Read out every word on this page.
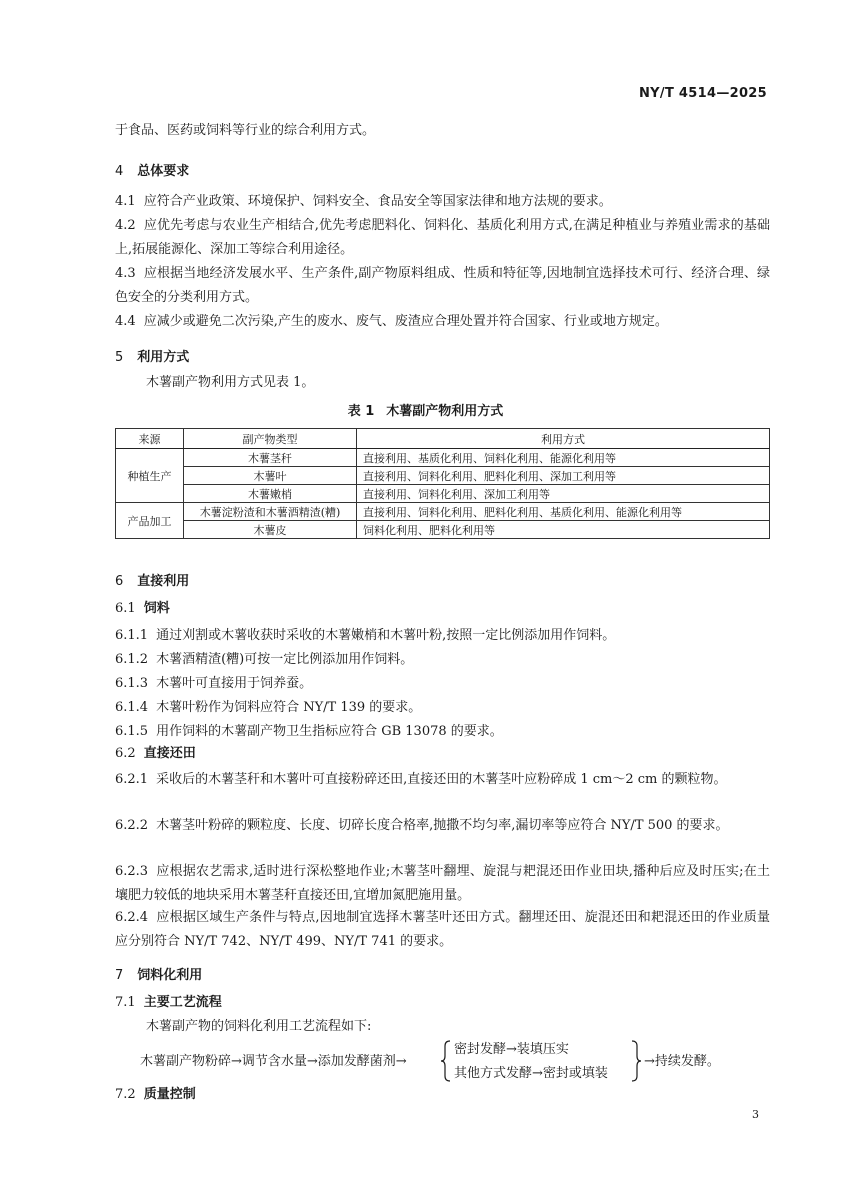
NY/T 4514—2025
于食品、医药或饲料等行业的综合利用方式。
4 总体要求
4.1 应符合产业政策、环境保护、饲料安全、食品安全等国家法律和地方法规的要求。
4.2 应优先考虑与农业生产相结合,优先考虑肥料化、饲料化、基质化利用方式,在满足种植业与养殖业需求的基础上,拓展能源化、深加工等综合利用途径。
4.3 应根据当地经济发展水平、生产条件,副产物原料组成、性质和特征等,因地制宜选择技术可行、经济合理、绿色安全的分类利用方式。
4.4 应减少或避免二次污染,产生的废水、废气、废渣应合理处置并符合国家、行业或地方规定。
5 利用方式
木薯副产物利用方式见表 1。
表 1 木薯副产物利用方式
来源	副产物类型	利用方式
种植生产	木薯茎秆	直接利用、基质化利用、饲料化利用、能源化利用等
	木薯叶	直接利用、饲料化利用、肥料化利用、深加工利用等
	木薯嫩梢	直接利用、饲料化利用、深加工利用等
产品加工	木薯淀粉渣和木薯酒精渣(糟)	直接利用、饲料化利用、肥料化利用、基质化利用、能源化利用等
	木薯皮	饲料化利用、肥料化利用等
6 直接利用
6.1 饲料
6.1.1 通过刈割或木薯收获时采收的木薯嫩梢和木薯叶粉,按照一定比例添加用作饲料。
6.1.2 木薯酒精渣(糟)可按一定比例添加用作饲料。
6.1.3 木薯叶可直接用于饲养蚕。
6.1.4 木薯叶粉作为饲料应符合 NY/T 139 的要求。
6.1.5 用作饲料的木薯副产物卫生指标应符合 GB 13078 的要求。
6.2 直接还田
6.2.1 采收后的木薯茎秆和木薯叶可直接粉碎还田,直接还田的木薯茎叶应粉碎成 1 cm～2 cm 的颗粒物。
6.2.2 木薯茎叶粉碎的颗粒度、长度、切碎长度合格率,抛撒不均匀率,漏切率等应符合 NY/T 500 的要求。
6.2.3 应根据农艺需求,适时进行深松整地作业;木薯茎叶翻埋、旋混与耙混还田作业田块,播种后应及时压实;在土壤肥力较低的地块采用木薯茎秆直接还田,宜增加氮肥施用量。
6.2.4 应根据区域生产条件与特点,因地制宜选择木薯茎叶还田方式。翻埋还田、旋混还田和耙混还田的作业质量应分别符合 NY/T 742、NY/T 499、NY/T 741 的要求。
7 饲料化利用
7.1 主要工艺流程
木薯副产物的饲料化利用工艺流程如下:
木薯副产物粉碎→调节含水量→添加发酵菌剂→
密封发酵→装填压实
其他方式发酵→密封或填装
→持续发酵。
7.2 质量控制
3
